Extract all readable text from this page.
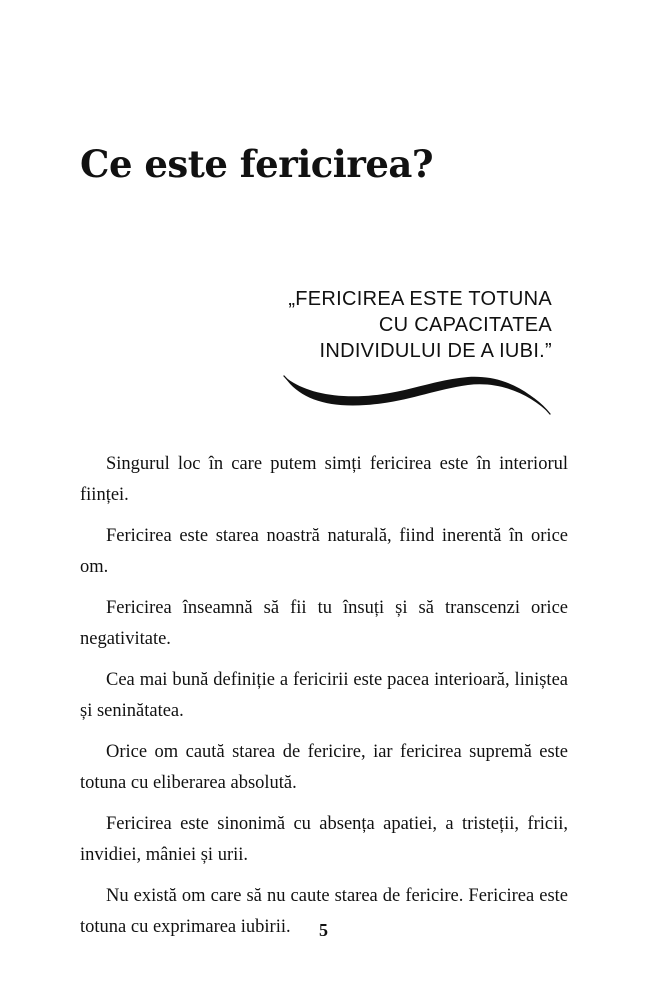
Ce este fericirea?
„FERICIREA ESTE TOTUNA
CU CAPACITATEA
INDIVIDULUI DE A IUBI.”

Singurul loc în care putem simți fericirea este în interiorul ființei.

Fericirea este starea noastră naturală, fiind inerentă în orice om.

Fericirea înseamnă să fii tu însuți și să transcenzi orice negativitate.

Cea mai bună definiție a fericirii este pacea interioară, liniștea și seninătatea.

Orice om caută starea de fericire, iar fericirea supremă este totuna cu eliberarea absolută.

Fericirea este sinonimă cu absența apatiei, a tristeții, fricii, invidiei, mâniei și urii.

Nu există om care să nu caute starea de fericire. Fericirea este totuna cu exprimarea iubirii.	5
